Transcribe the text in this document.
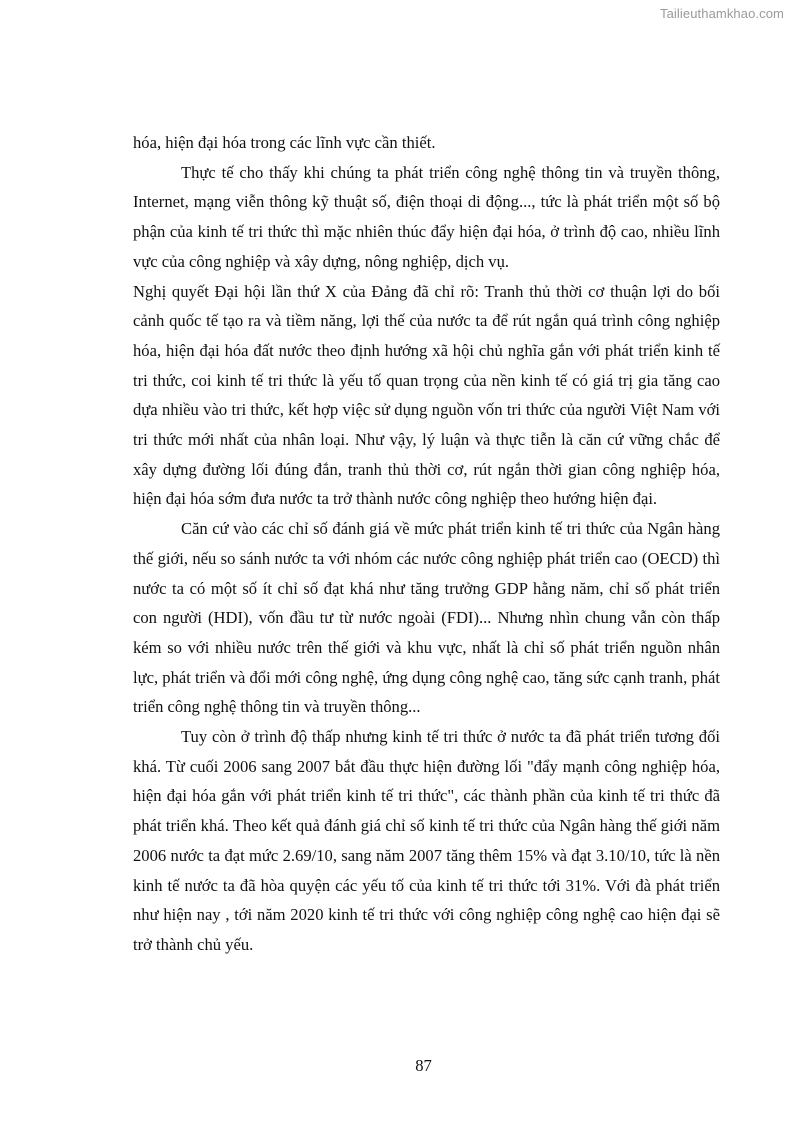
Tailieuthamkhao.com

hóa, hiện đại hóa trong các lĩnh vực cần thiết.

Thực tế cho thấy khi chúng ta phát triển công nghệ thông tin và truyền thông, Internet, mạng viễn thông kỹ thuật số, điện thoại di động..., tức là phát triển một số bộ phận của kinh tế tri thức thì mặc nhiên thúc đẩy hiện đại hóa, ở trình độ cao, nhiều lĩnh vực của công nghiệp và xây dựng, nông nghiệp, dịch vụ.

Nghị quyết Đại hội lần thứ X của Đảng đã chỉ rõ: Tranh thủ thời cơ thuận lợi do bối cảnh quốc tế tạo ra và tiềm năng, lợi thế của nước ta để rút ngắn quá trình công nghiệp hóa, hiện đại hóa đất nước theo định hướng xã hội chủ nghĩa gắn với phát triển kinh tế tri thức, coi kinh tế tri thức là yếu tố quan trọng của nền kinh tế có giá trị gia tăng cao dựa nhiều vào tri thức, kết hợp việc sử dụng nguồn vốn tri thức của người Việt Nam với tri thức mới nhất của nhân loại. Như vậy, lý luận và thực tiễn là căn cứ vững chắc để xây dựng đường lối đúng đắn, tranh thủ thời cơ, rút ngắn thời gian công nghiệp hóa, hiện đại hóa sớm đưa nước ta trở thành nước công nghiệp theo hướng hiện đại.

Căn cứ vào các chỉ số đánh giá về mức phát triển kinh tế tri thức của Ngân hàng thế giới, nếu so sánh nước ta với nhóm các nước công nghiệp phát triển cao (OECD) thì nước ta có một số ít chỉ số đạt khá như tăng trưởng GDP hằng năm, chỉ số phát triển con người (HDI), vốn đầu tư từ nước ngoài (FDI)... Nhưng nhìn chung vẫn còn thấp kém so với nhiều nước trên thế giới và khu vực, nhất là chỉ số phát triển nguồn nhân lực, phát triển và đổi mới công nghệ, ứng dụng công nghệ cao, tăng sức cạnh tranh, phát triển công nghệ thông tin và truyền thông...

Tuy còn ở trình độ thấp nhưng kinh tế tri thức ở nước ta đã phát triển tương đối khá. Từ cuối 2006 sang 2007 bắt đầu thực hiện đường lối "đẩy mạnh công nghiệp hóa, hiện đại hóa gắn với phát triển kinh tế tri thức", các thành phần của kinh tế tri thức đã phát triển khá. Theo kết quả đánh giá chỉ số kinh tế tri thức của Ngân hàng thế giới năm 2006 nước ta đạt mức 2.69/10, sang năm 2007 tăng thêm 15% và đạt 3.10/10, tức là nền kinh tế nước ta đã hòa quyện các yếu tố của kinh tế tri thức tới 31%. Với đà phát triển như hiện nay , tới năm 2020 kinh tế tri thức với công nghiệp công nghệ cao hiện đại sẽ trở thành chủ yếu.

87
